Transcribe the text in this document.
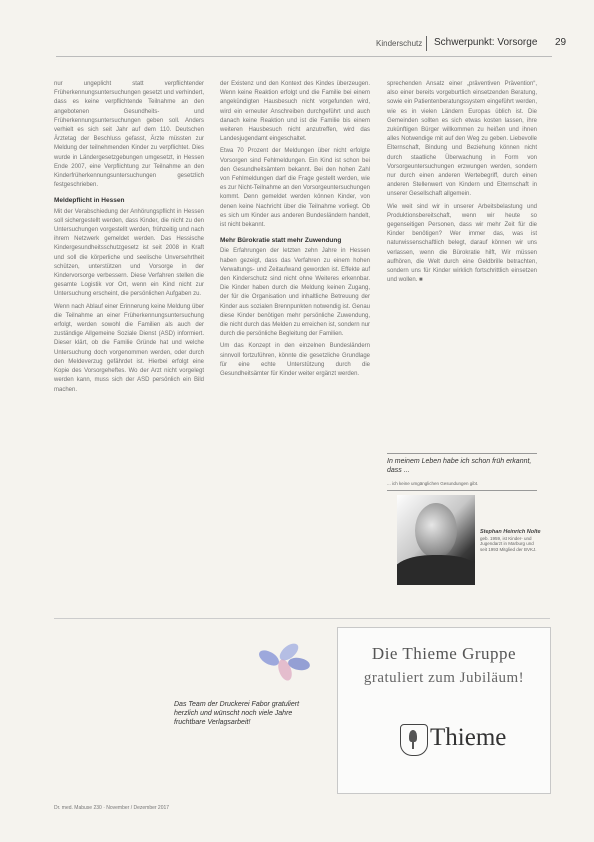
Kinderschutz Schwerpunkt: Vorsorge 29

nur ungeplicht statt verpflichtender Früherkennungsuntersuchungen gesetzt und verhindert, dass es keine verpflichtende Teilnahme an den angebotenen Gesundheits- und Früherkennungsuntersuchungen geben soll. Anders verhielt es sich seit Jahr auf dem 110. Deutschen Ärztetag der Beschluss gefasst, Ärzte müssten zur Meldung der teilnehmenden Kinder zu verpflichtet. Dies wurde in Ländergesetzgebungen umgesetzt, in Hessen Ende 2007, eine Verpflichtung zur Teilnahme an den Kinderfrüherkennungsuntersuchungen gesetzlich festgeschrieben.

Meldepflicht in Hessen

Mit der Verabschiedung der Anhörungspflicht in Hessen soll sichergestellt werden, dass Kinder, die nicht zu den Untersuchungen vorgestellt werden, frühzeitig und nach ihrem Netzwerk gemeldet werden. Das Hessische Kindergesundheitsschutzgesetz ist seit 2008 in Kraft und soll die körperliche und seelische Unversehrtheit schützen, unterstützen und Vorsorge in der Kindervorsorge verbessern. Diese Verfahren stellen die gesamte Logistik vor Ort, wenn ein Kind nicht zur Untersuchung erscheint, die persönlichen Aufgaben zu.

Wenn nach Ablauf einer Erinnerung keine Meldung über die Teilnahme an einer Früherkennungsuntersuchung erfolgt, werden sowohl die Familien als auch der zuständige Allgemeine Soziale Dienst (ASD) informiert. Dieser klärt, ob die Familie Gründe hat und welche Untersuchung doch vorgenommen werden, oder durch den Meldeverzug gefährdet ist. Hierbei erfolgt eine Kopie des Vorsorgeheftes. Wo der Arzt nicht vorgelegt werden kann, muss sich der ASD persönlich ein Bild machen.

der Existenz und den Kontext des Kindes überzeugen. Wenn keine Reaktion erfolgt und die Familie bei einem angekündigten Hausbesuch nicht vorgefunden wird, wird ein erneuter Anschreiben durchgeführt und auch danach keine Reaktion und ist die Familie bis einem weiteren Hausbesuch nicht anzutreffen, wird das Landesjugendamt eingeschaltet.

Etwa 70 Prozent der Meldungen über nicht erfolgte Vorsorgen sind Fehlmeldungen. Ein Kind ist schon bei den Gesundheitsämtern bekannt. Bei den hohen Zahl von Fehlmeldungen darf die Frage gestellt werden, wie es zur Nicht-Teilnahme an den Vorsorgeuntersuchungen kommt. Denn gemeldet werden können Kinder, von denen keine Nachricht über die Teilnahme vorliegt. Ob es sich um Kinder aus anderen Bundesländern handelt, ist nicht bekannt.

Mehr Bürokratie statt mehr Zuwendung

Die Erfahrungen der letzten zehn Jahre in Hessen haben gezeigt, dass das Verfahren zu einem hohen Verwaltungs- und Zeitaufwand geworden ist. Effekte auf den Kinderschutz sind nicht ohne Weiteres erkennbar. Die Kinder haben durch die Meldung keinen Zugang, der für die Organisation und inhaltliche Betreuung der Kinder aus sozialen Brennpunkten notwendig ist. Genau diese Kinder benötigen mehr persönliche Zuwendung, die nicht durch das Melden zu erreichen ist, sondern nur durch die persönliche Begleitung der Familien.

Um das Konzept in den einzelnen Bundesländern sinnvoll fortzuführen, könnte die gesetzliche Grundlage für eine echte Unterstützung durch die Gesundheitsämter für Kinder weiter ergänzt werden.

sprechenden Ansatz einer „präventiven Prävention“, also einer bereits vorgeburtlich einsetzenden Beratung, sowie ein Patientenberatungssystem eingeführt werden, wie es in vielen Ländern Europas üblich ist. Die Gemeinden sollten es sich etwas kosten lassen, ihre zukünftigen Bürger willkommen zu heißen und ihnen alles Notwendige mit auf den Weg zu geben. Liebevolle Elternschaft, Bindung und Beziehung können nicht durch staatliche Überwachung in Form von Vorsorgeuntersuchungen erzwungen werden, sondern nur durch einen anderen Wertebegriff, durch einen anderen Stellenwert von Kindern und Elternschaft in unserer Gesellschaft allgemein.

Wie weit sind wir in unserer Arbeitsbelastung und Produktionsbereitschaft, wenn wir heute so gegenseitigen Personen, dass wir mehr Zeit für die Kinder benötigen? Wer immer das, was ist naturwissenschaftlich belegt, darauf können wir uns verlassen, wenn die Bürokratie hilft, Wir müssen aufhören, die Welt durch eine Geldbrille betrachten, sondern uns für Kinder wirklich fortschrittlich einsetzen und wollen. ■

In meinem Leben habe ich schon früh erkannt, dass ...
... ich keine umgänglichen Gesundungen gibt.
Stephan Heinrich Nolte
geb. 1959, ist Kinder- und Jugendarzt in Marburg und seit 1993 Mitglied der BVKJ.
Das Team der Druckerei Fabor gratuliert herzlich und wünscht noch viele Jahre fruchtbare Verlagsarbeit!
Die Thieme Gruppe
gratuliert zum Jubiläum!
Thieme
Dr. med. Mabuse 230 · November / Dezember 2017
